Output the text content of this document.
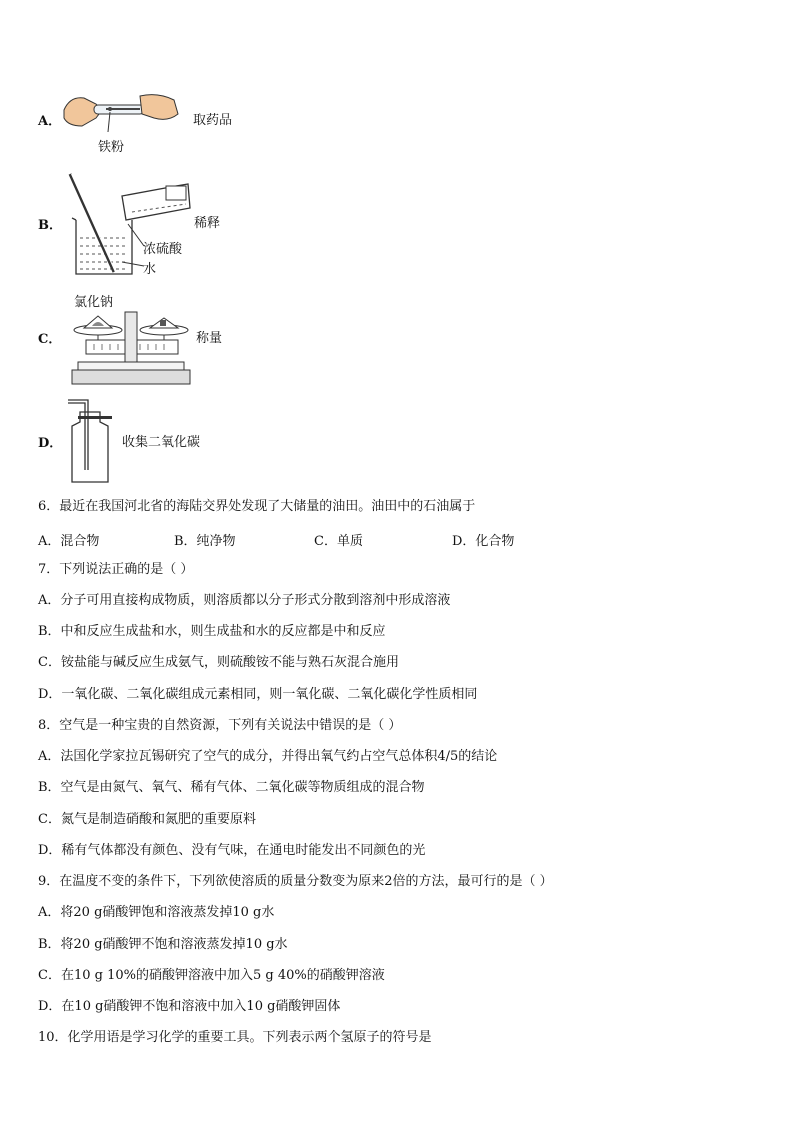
A．
铁粉
取药品
B．	稀释
浓硫酸
水
氯化钠
C．	称量
D．	收集二氧化碳
6．最近在我国河北省的海陆交界处发现了大储量的油田。油田中的石油属于
A．混合物	B．纯净物	C．单质	D．化合物
7．下列说法正确的是（ ）
A．分子可用直接构成物质，则溶质都以分子形式分散到溶剂中形成溶液
B．中和反应生成盐和水，则生成盐和水的反应都是中和反应
C．铵盐能与碱反应生成氨气，则硫酸铵不能与熟石灰混合施用
D．一氧化碳、二氧化碳组成元素相同，则一氧化碳、二氧化碳化学性质相同
8．空气是一种宝贵的自然资源，下列有关说法中错误的是（ ）
A．法国化学家拉瓦锡研究了空气的成分，并得出氧气约占空气总体积4/5的结论
B．空气是由氮气、氧气、稀有气体、二氧化碳等物质组成的混合物
C．氮气是制造硝酸和氮肥的重要原料
D．稀有气体都没有颜色、没有气味，在通电时能发出不同颜色的光
9．在温度不变的条件下，下列欲使溶质的质量分数变为原来2倍的方法，最可行的是（ ）
A．将20 g硝酸钾饱和溶液蒸发掉10 g水
B．将20 g硝酸钾不饱和溶液蒸发掉10 g水
C．在10 g 10%的硝酸钾溶液中加入5 g 40%的硝酸钾溶液
D．在10 g硝酸钾不饱和溶液中加入10 g硝酸钾固体
10．化学用语是学习化学的重要工具。下列表示两个氢原子的符号是
